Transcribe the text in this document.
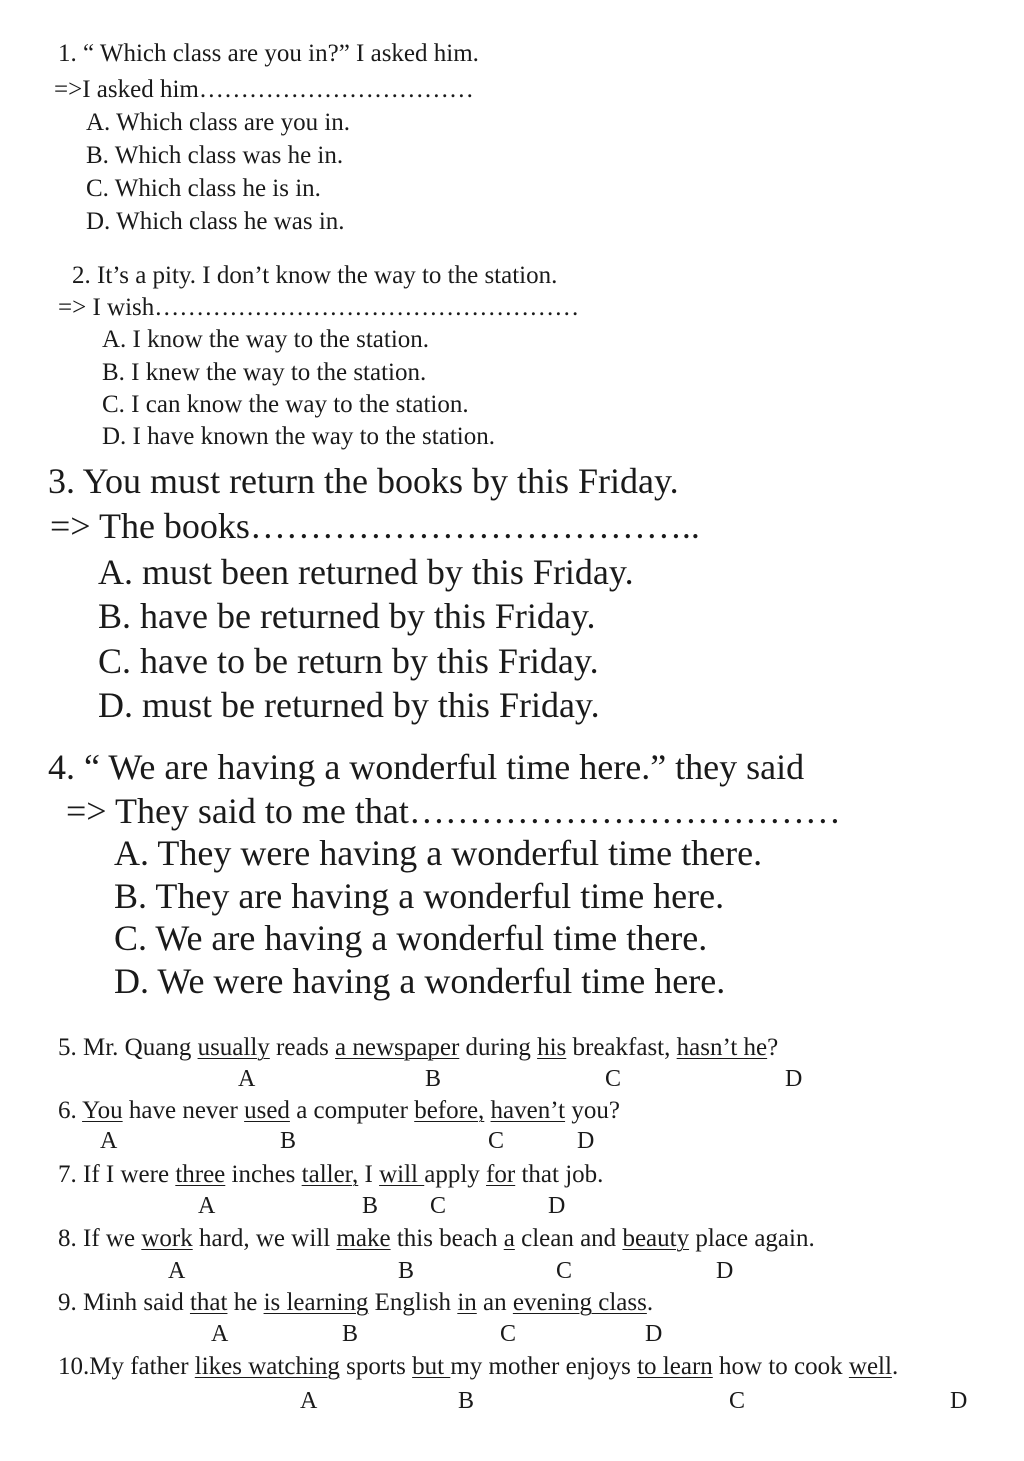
1. “ Which class are you in?” I asked him.
=>I asked him……………………………
A. Which class are you in.
B. Which class was he in.
C. Which class he is in.
D. Which class he was in.
2. It’s a pity. I don’t know the way to the station.
=> I wish……………………………………………
A. I know the way to the station.
B. I knew the way to the station.
C. I can know the way to the station.
D. I have known the way to the station.
3. You must return the books by this Friday.
=> The books………………………………..
A. must been returned by this Friday.
B. have be returned by this Friday.
C. have to be return by this Friday.
D. must be returned by this Friday.
4. “ We are having a wonderful time here.” they said
=> They said to me that………………………………
A. They were having a wonderful time there.
B. They are having a wonderful time here.
C. We are having a wonderful time there.
D. We were having a wonderful time here.
5. Mr. Quang usually reads a newspaper during his breakfast, hasn’t he?
A	B	C	D
6. You have never used a computer before, haven’t you?
A	B	C	D
7. If I were three inches taller, I will apply for that job.
A	B C	D
8. If we work hard, we will make this beach a clean and beauty place again.
A	B	C	D
9. Minh said that he is learning English in an evening class.
A	B	C	D
10.My father likes watching sports but my mother enjoys to learn how to cook well.
A	B	C	D
